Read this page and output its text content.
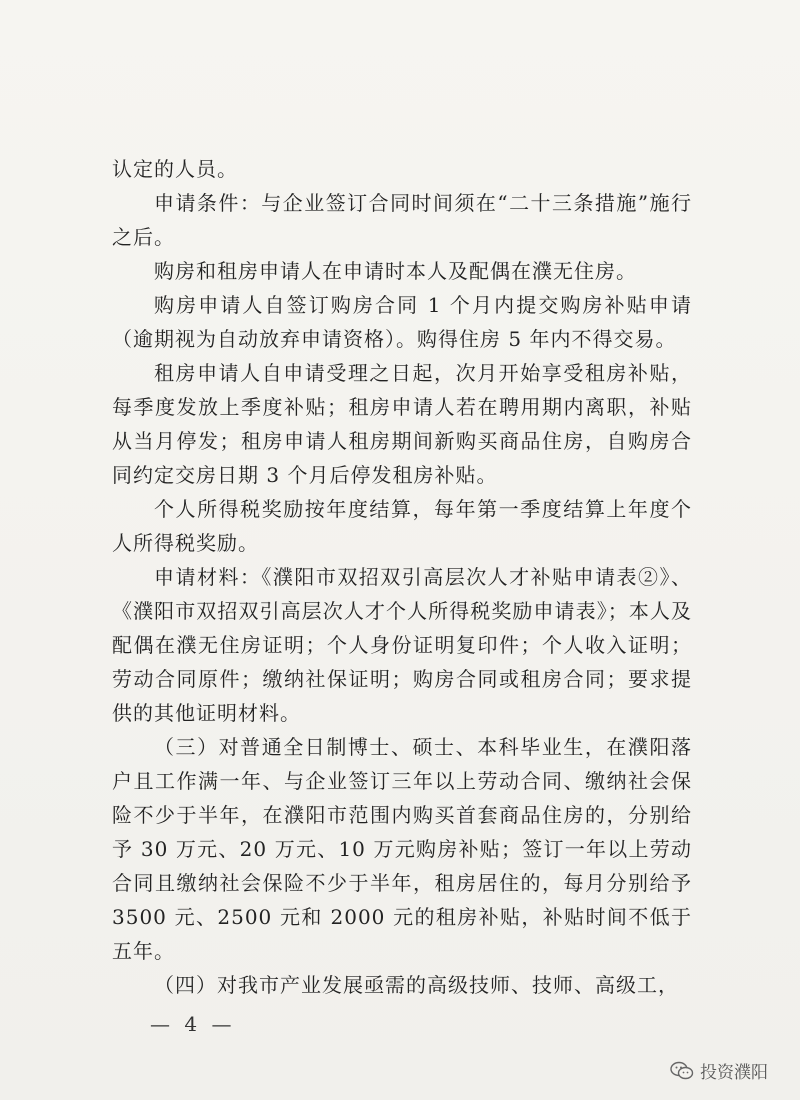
认定的人员。

申请条件：与企业签订合同时间须在“二十三条措施”施行之后。

购房和租房申请人在申请时本人及配偶在濮无住房。

购房申请人自签订购房合同 1 个月内提交购房补贴申请（逾期视为自动放弃申请资格）。购得住房 5 年内不得交易。

租房申请人自申请受理之日起，次月开始享受租房补贴，每季度发放上季度补贴；租房申请人若在聘用期内离职，补贴从当月停发；租房申请人租房期间新购买商品住房，自购房合同约定交房日期 3 个月后停发租房补贴。

个人所得税奖励按年度结算，每年第一季度结算上年度个人所得税奖励。

申请材料：《濮阳市双招双引高层次人才补贴申请表②》、《濮阳市双招双引高层次人才个人所得税奖励申请表》；本人及配偶在濮无住房证明；个人身份证明复印件；个人收入证明；劳动合同原件；缴纳社保证明；购房合同或租房合同；要求提供的其他证明材料。

（三）对普通全日制博士、硕士、本科毕业生，在濮阳落户且工作满一年、与企业签订三年以上劳动合同、缴纳社会保险不少于半年，在濮阳市范围内购买首套商品住房的，分别给予 30 万元、20 万元、10 万元购房补贴；签订一年以上劳动合同且缴纳社会保险不少于半年，租房居住的，每月分别给予 3500 元、2500 元和 2000 元的租房补贴，补贴时间不低于五年。

（四）对我市产业发展亟需的高级技师、技师、高级工，

— 4 —
投资濮阳
